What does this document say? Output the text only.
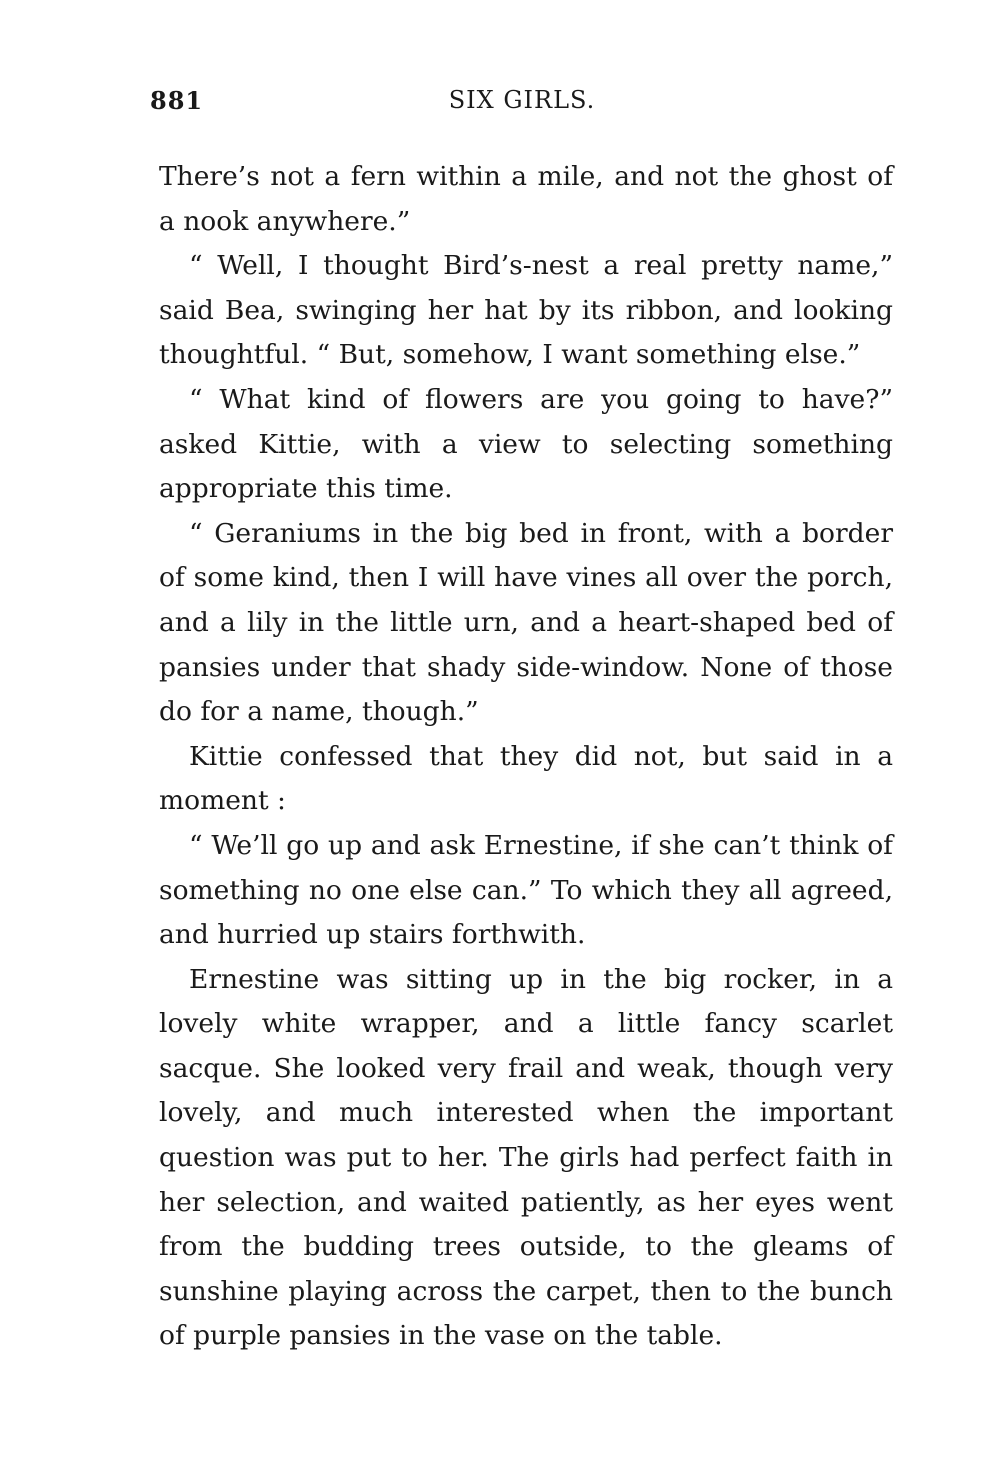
881	SIX GIRLS.

There’s not a fern within a mile, and not the ghost of a nook anywhere.”

“ Well, I thought Bird’s-nest a real pretty name,” said Bea, swinging her hat by its ribbon, and looking thoughtful. “ But, somehow, I want something else.”

“ What kind of flowers are you going to have?” asked Kittie, with a view to selecting something appropriate this time.

“ Geraniums in the big bed in front, with a border of some kind, then I will have vines all over the porch, and a lily in the little urn, and a heart-shaped bed of pansies under that shady side-window. None of those do for a name, though.”

Kittie confessed that they did not, but said in a moment :

“ We’ll go up and ask Ernestine, if she can’t think of something no one else can.” To which they all agreed, and hurried up stairs forthwith.

Ernestine was sitting up in the big rocker, in a lovely white wrapper, and a little fancy scarlet sacque. She looked very frail and weak, though very lovely, and much interested when the important question was put to her. The girls had perfect faith in her selection, and waited patiently, as her eyes went from the budding trees outside, to the gleams of sunshine playing across the carpet, then to the bunch of purple pansies in the vase on the table.
